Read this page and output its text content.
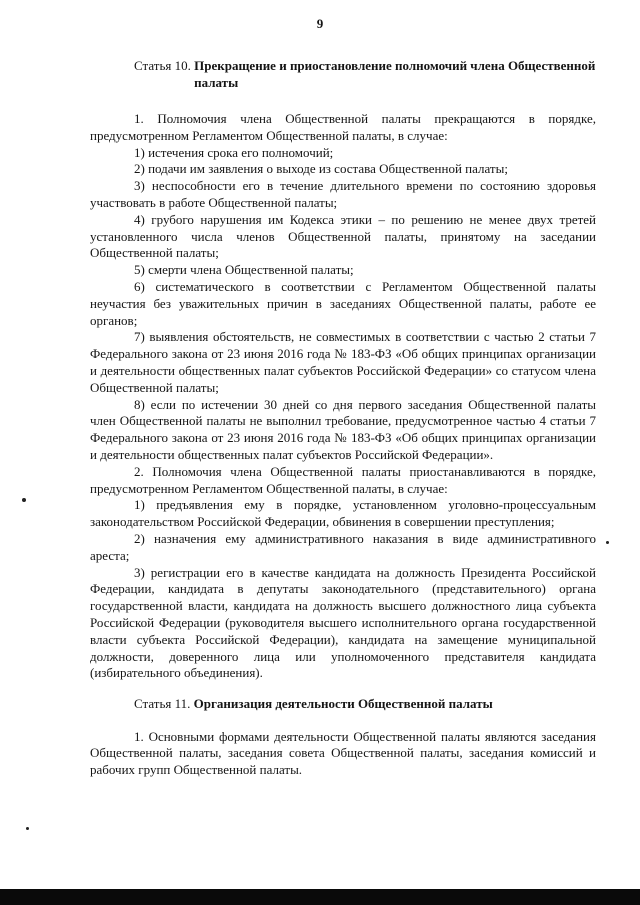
9
Статья 10.
Прекращение и приостановление полномочий члена Общественной палаты

1. Полномочия члена Общественной палаты прекращаются в порядке, предусмотренном Регламентом Общественной палаты, в случае:

1) истечения срока его полномочий;

2) подачи им заявления о выходе из состава Общественной палаты;

3) неспособности его в течение длительного времени по состоянию здоровья участвовать в работе Общественной палаты;

4) грубого нарушения им Кодекса этики – по решению не менее двух третей установленного числа членов Общественной палаты, принятому на заседании Общественной палаты;

5) смерти члена Общественной палаты;

6) систематического в соответствии с Регламентом Общественной палаты неучастия без уважительных причин в заседаниях Общественной палаты, работе ее органов;

7) выявления обстоятельств, не совместимых в соответствии с частью 2 статьи 7 Федерального закона от 23 июня 2016 года № 183-ФЗ «Об общих принципах организации и деятельности общественных палат субъектов Российской Федерации» со статусом члена Общественной палаты;

8) если по истечении 30 дней со дня первого заседания Общественной палаты член Общественной палаты не выполнил требование, предусмотренное частью 4 статьи 7 Федерального закона от 23 июня 2016 года № 183-ФЗ «Об общих принципах организации и деятельности общественных палат субъектов Российской Федерации».

2. Полномочия члена Общественной палаты приостанавливаются в порядке, предусмотренном Регламентом Общественной палаты, в случае:

1) предъявления ему в порядке, установленном уголовно-процессуальным законодательством Российской Федерации, обвинения в совершении преступления;

2) назначения ему административного наказания в виде административного ареста;

3) регистрации его в качестве кандидата на должность Президента Российской Федерации, кандидата в депутаты законодательного (представительного) органа государственной власти, кандидата на должность высшего должностного лица субъекта Российской Федерации (руководителя высшего исполнительного органа государственной власти субъекта Российской Федерации), кандидата на замещение муниципальной должности, доверенного лица или уполномоченного представителя кандидата (избирательного объединения).

Статья 11.
Организация деятельности Общественной палаты

1. Основными формами деятельности Общественной палаты являются заседания Общественной палаты, заседания совета Общественной палаты, заседания комиссий и рабочих групп Общественной палаты.
